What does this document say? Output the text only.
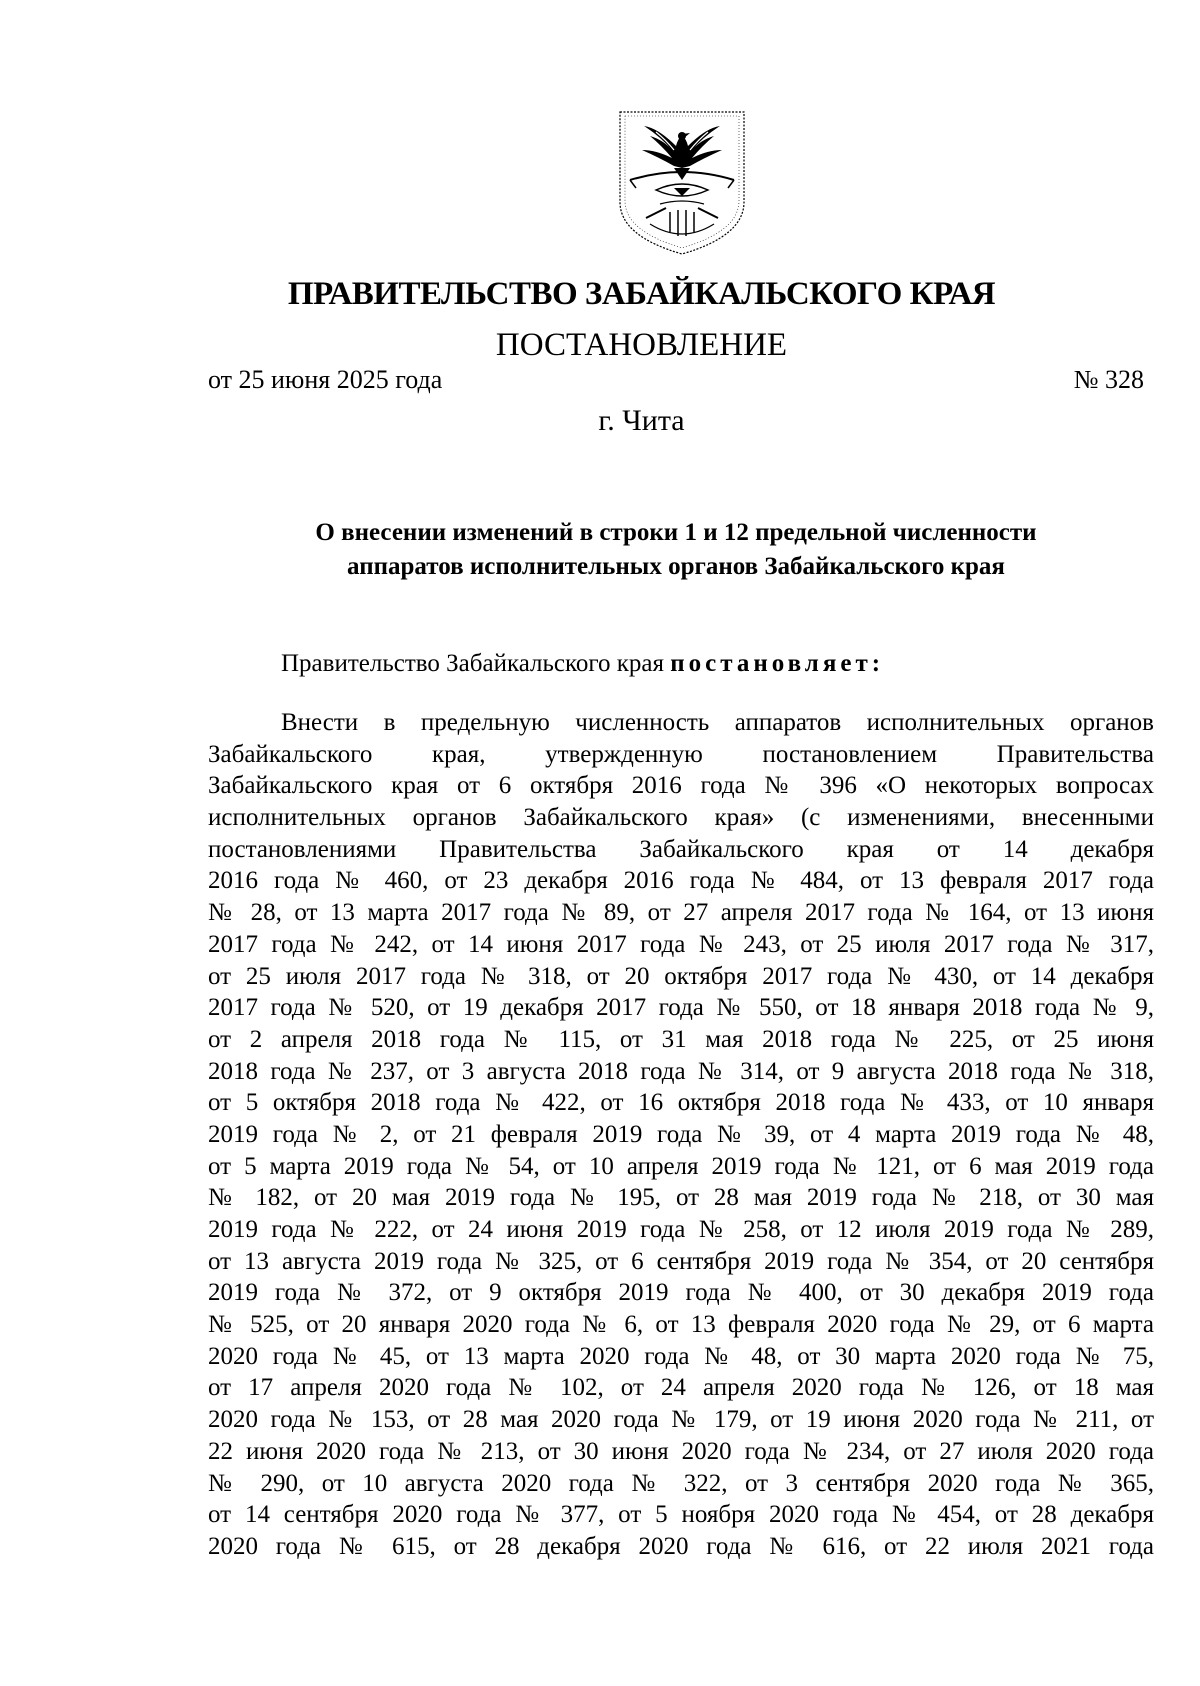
ПРАВИТЕЛЬСТВО ЗАБАЙКАЛЬСКОГО КРАЯ
ПОСТАНОВЛЕНИЕ
от 25 июня 2025 года	№ 328
г. Чита
О внесении изменений в строки 1 и 12 предельной численности
аппаратов исполнительных органов Забайкальского края
Правительство Забайкальского края постановляет:
Внести в предельную численность аппаратов исполнительных органов
Забайкальского края, утвержденную постановлением Правительства
Забайкальского края от 6 октября 2016 года № 396 «О некоторых вопросах
исполнительных органов Забайкальского края» (с изменениями, внесенными
постановлениями Правительства Забайкальского края от 14 декабря
2016 года № 460, от 23 декабря 2016 года № 484, от 13 февраля 2017 года
№ 28, от 13 марта 2017 года № 89, от 27 апреля 2017 года № 164, от 13 июня
2017 года № 242, от 14 июня 2017 года № 243, от 25 июля 2017 года № 317,
от 25 июля 2017 года № 318, от 20 октября 2017 года № 430, от 14 декабря
2017 года № 520, от 19 декабря 2017 года № 550, от 18 января 2018 года № 9,
от 2 апреля 2018 года № 115, от 31 мая 2018 года № 225, от 25 июня
2018 года № 237, от 3 августа 2018 года № 314, от 9 августа 2018 года № 318,
от 5 октября 2018 года № 422, от 16 октября 2018 года № 433, от 10 января
2019 года № 2, от 21 февраля 2019 года № 39, от 4 марта 2019 года № 48,
от 5 марта 2019 года № 54, от 10 апреля 2019 года № 121, от 6 мая 2019 года
№ 182, от 20 мая 2019 года № 195, от 28 мая 2019 года № 218, от 30 мая
2019 года № 222, от 24 июня 2019 года № 258, от 12 июля 2019 года № 289,
от 13 августа 2019 года № 325, от 6 сентября 2019 года № 354, от 20 сентября
2019 года № 372, от 9 октября 2019 года № 400, от 30 декабря 2019 года
№ 525, от 20 января 2020 года № 6, от 13 февраля 2020 года № 29, от 6 марта
2020 года № 45, от 13 марта 2020 года № 48, от 30 марта 2020 года № 75,
от 17 апреля 2020 года № 102, от 24 апреля 2020 года № 126, от 18 мая
2020 года № 153, от 28 мая 2020 года № 179, от 19 июня 2020 года № 211, от
22 июня 2020 года № 213, от 30 июня 2020 года № 234, от 27 июля 2020 года
№ 290, от 10 августа 2020 года № 322, от 3 сентября 2020 года № 365,
от 14 сентября 2020 года № 377, от 5 ноября 2020 года № 454, от 28 декабря
2020 года № 615, от 28 декабря 2020 года № 616, от 22 июля 2021 года
